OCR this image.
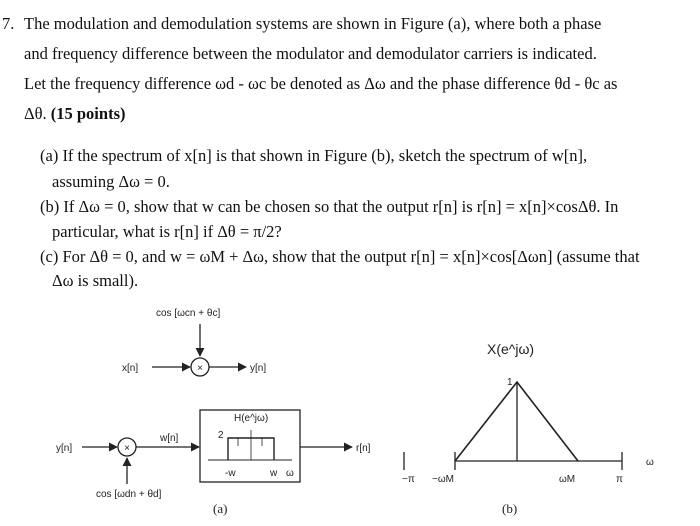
7. The modulation and demodulation systems are shown in Figure (a), where both a phase
and frequency difference between the modulator and demodulator carriers is indicated.
Let the frequency difference ωd - ωc be denoted as Δω and the phase difference θd - θc as
Δθ. (15 points)
(a) If the spectrum of x[n] is that shown in Figure (b), sketch the spectrum of w[n],
assuming Δω = 0.
(b) If Δω = 0, show that w can be chosen so that the output r[n] is r[n] = x[n]×cosΔθ. In
particular, what is r[n] if Δθ = π/2?
(c) For Δθ = 0, and w = ωM + Δω, show that the output r[n] = x[n]×cos[Δωn] (assume that
Δω is small).
cos [ωcn + θc]
x[n]	×	y[n]
y[n]	×
cos [ωdn + θd]
w[n]
H(e^jω)
2
-w	w ω
r[n]
(a)
X(e^jω)
1
−π −ωM	ωM	π
ω
(b)
